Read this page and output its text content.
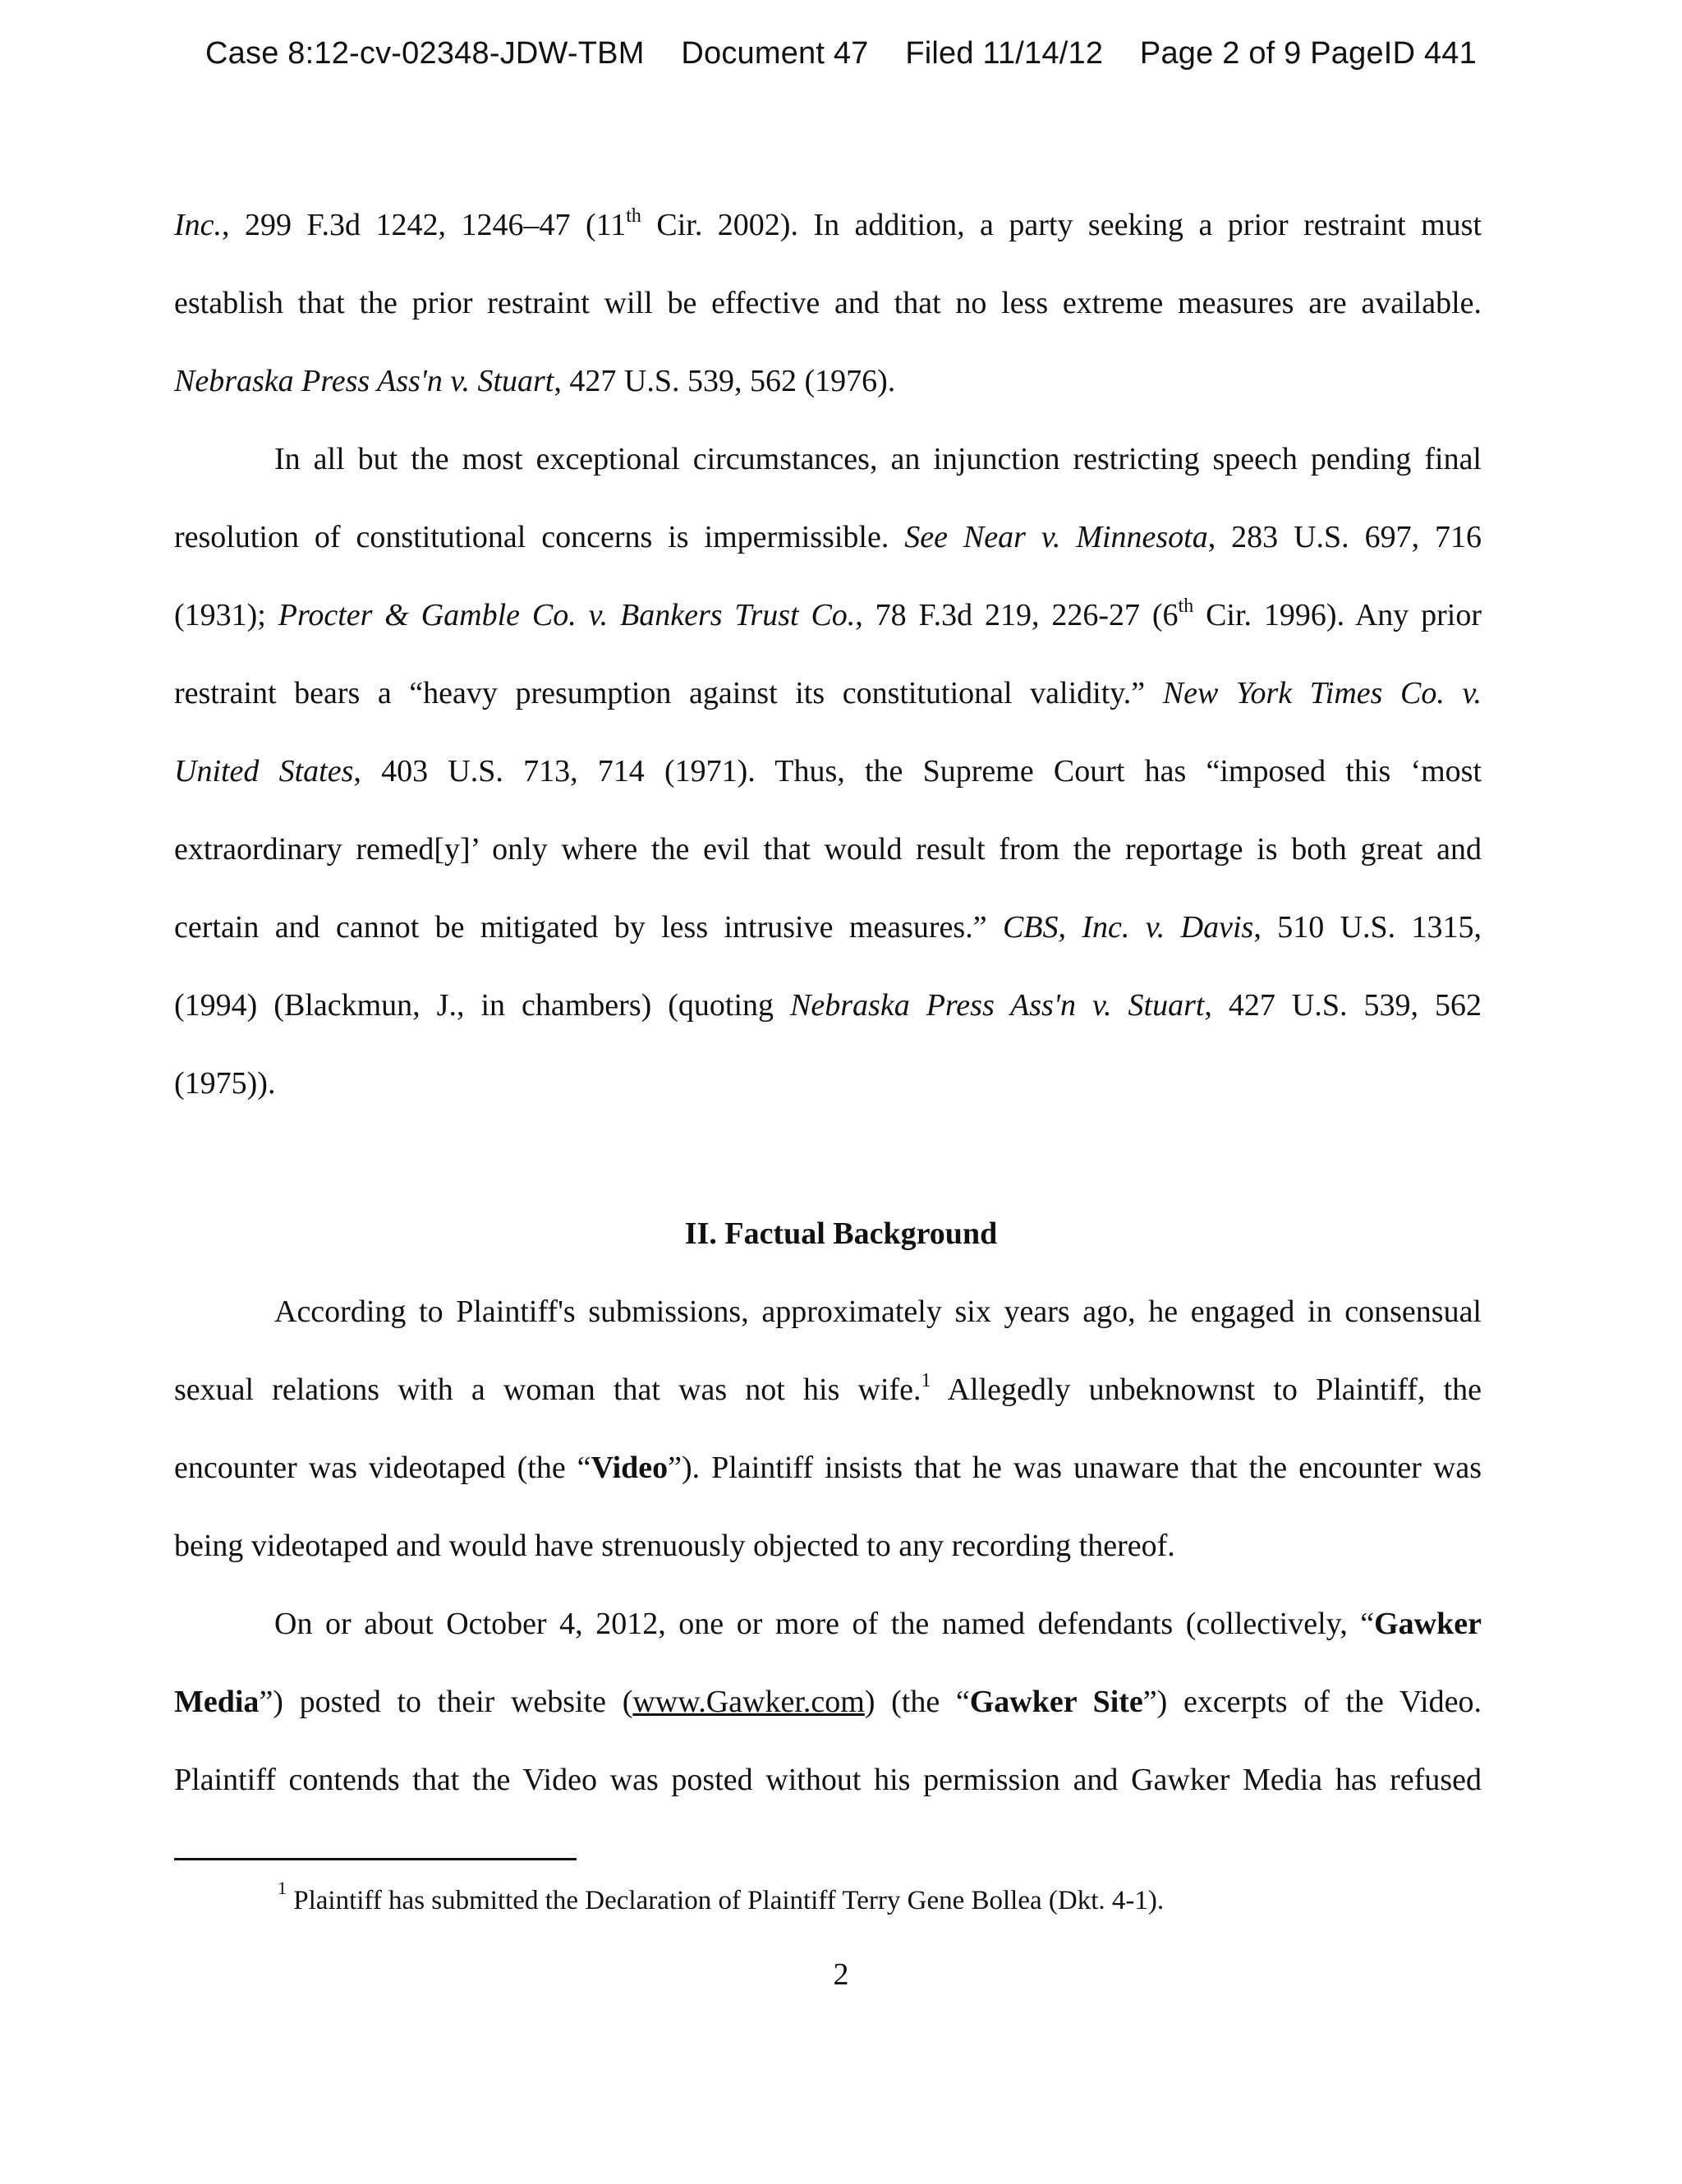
Case 8:12-cv-02348-JDW-TBM Document 47 Filed 11/14/12 Page 2 of 9 PageID 441
Inc., 299 F.3d 1242, 1246–47 (11th Cir. 2002). In addition, a party seeking a prior restraint must
establish that the prior restraint will be effective and that no less extreme measures are available.
Nebraska Press Ass'n v. Stuart, 427 U.S. 539, 562 (1976).
In all but the most exceptional circumstances, an injunction restricting speech pending final
resolution of constitutional concerns is impermissible. See Near v. Minnesota, 283 U.S. 697, 716
(1931); Procter & Gamble Co. v. Bankers Trust Co., 78 F.3d 219, 226-27 (6th Cir. 1996). Any prior
restraint bears a “heavy presumption against its constitutional validity.” New York Times Co. v.
United States, 403 U.S. 713, 714 (1971). Thus, the Supreme Court has “imposed this ‘most
extraordinary remed[y]’ only where the evil that would result from the reportage is both great and
certain and cannot be mitigated by less intrusive measures.” CBS, Inc. v. Davis, 510 U.S. 1315,
(1994) (Blackmun, J., in chambers) (quoting Nebraska Press Ass'n v. Stuart, 427 U.S. 539, 562
(1975)).
According to Plaintiff's submissions, approximately six years ago, he engaged in consensual
sexual relations with a woman that was not his wife.$^1$ Allegedly unbeknownst to Plaintiff, the
encounter was videotaped (the “Video”). Plaintiff insists that he was unaware that the encounter was
being videotaped and would have strenuously objected to any recording thereof.
On or about October 4, 2012, one or more of the named defendants (collectively, “Gawker
Media”) posted to their website (www.Gawker.com) (the “Gawker Site”) excerpts of the Video.
Plaintiff contends that the Video was posted without his permission and Gawker Media has refused
II. Factual Background
$^1$ Plaintiff has submitted the Declaration of Plaintiff Terry Gene Bollea (Dkt. 4-1).
2
